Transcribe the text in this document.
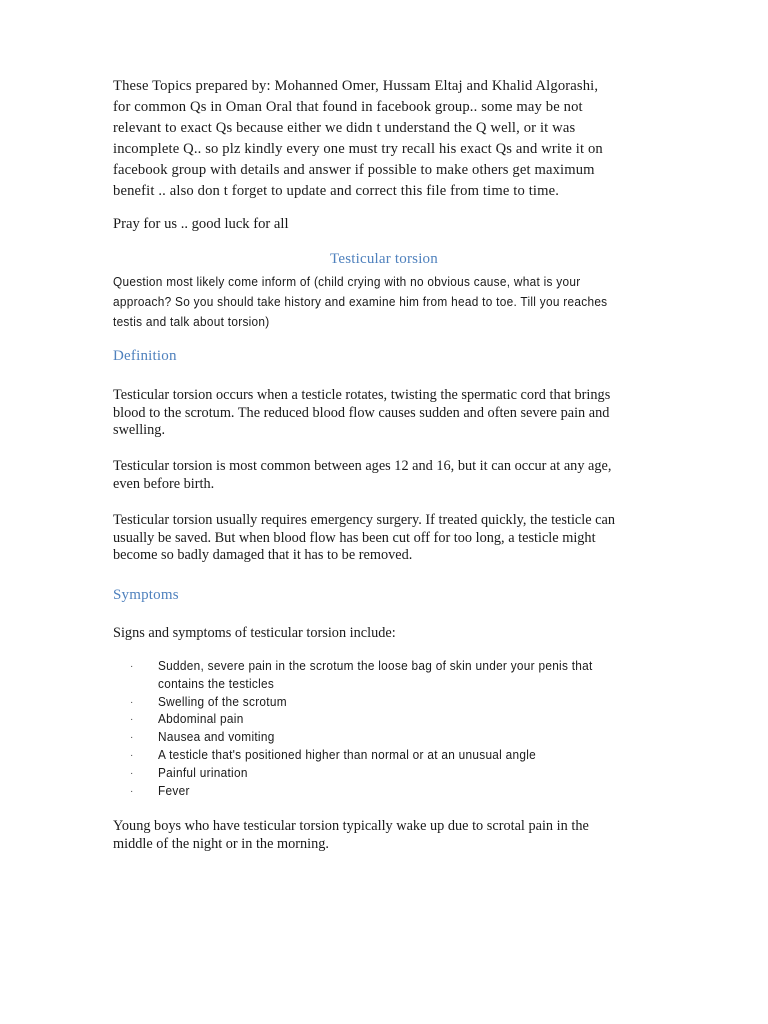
These Topics prepared by: Mohanned Omer, Hussam Eltaj and Khalid Algorashi,
for common Qs in Oman Oral that found in facebook group.. some may be not
relevant to exact Qs because either we didn t understand the Q well, or it was
incomplete Q.. so plz kindly every one must try recall his exact Qs and write it on
facebook group with details and answer if possible to make others get maximum
benefit .. also don t forget to update and correct this file from time to time.

Pray for us .. good luck for all

Testicular torsion

Question most likely come inform of (child crying with no obvious cause, what is your
approach? So you should take history and examine him from head to toe. Till you reaches
testis and talk about torsion)

Definition

Testicular torsion occurs when a testicle rotates, twisting the spermatic cord that brings
blood to the scrotum. The reduced blood flow causes sudden and often severe pain and
swelling.

Testicular torsion is most common between ages 12 and 16, but it can occur at any age,
even before birth.

Testicular torsion usually requires emergency surgery. If treated quickly, the testicle can
usually be saved. But when blood flow has been cut off for too long, a testicle might
become so badly damaged that it has to be removed.

Symptoms

Signs and symptoms of testicular torsion include:

· Sudden, severe pain in the scrotum the loose bag of skin under your penis that
contains the testicles
· Swelling of the scrotum
· Abdominal pain
· Nausea and vomiting
· A testicle that's positioned higher than normal or at an unusual angle
· Painful urination
· Fever

Young boys who have testicular torsion typically wake up due to scrotal pain in the
middle of the night or in the morning.
